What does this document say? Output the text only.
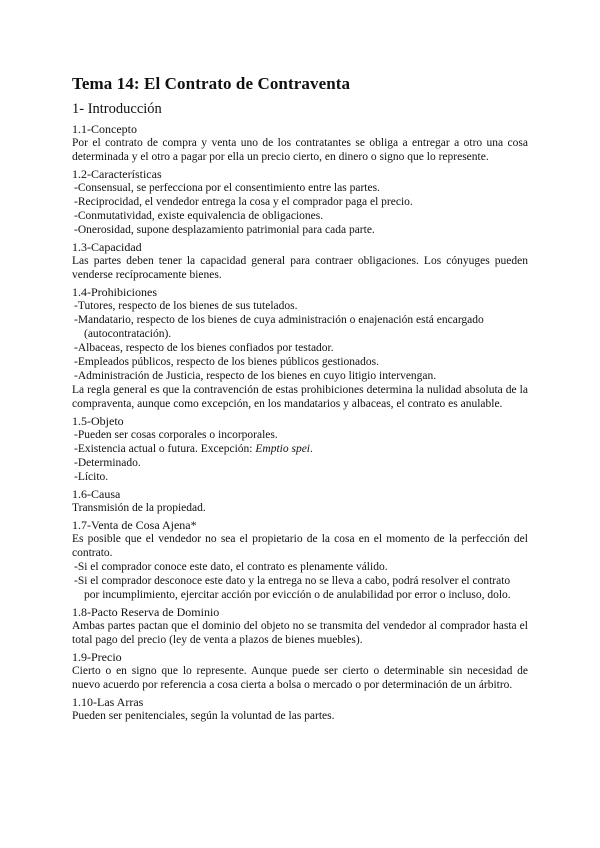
Tema 14: El Contrato de Contraventa
1- Introducción

1.1-Concepto

Por el contrato de compra y venta uno de los contratantes se obliga a entregar a otro una cosa determinada y el otro a pagar por ella un precio cierto, en dinero o signo que lo represente.

1.2-Características

-Consensual, se perfecciona por el consentimiento entre las partes.
-Reciprocidad, el vendedor entrega la cosa y el comprador paga el precio.
-Conmutatividad, existe equivalencia de obligaciones.
-Onerosidad, supone desplazamiento patrimonial para cada parte.

1.3-Capacidad

Las partes deben tener la capacidad general para contraer obligaciones. Los cónyuges pueden venderse recíprocamente bienes.

1.4-Prohibiciones

-Tutores, respecto de los bienes de sus tutelados.
-Mandatario, respecto de los bienes de cuya administración o enajenación está encargado (autocontratación).
-Albaceas, respecto de los bienes confiados por testador.
-Empleados públicos, respecto de los bienes públicos gestionados.
-Administración de Justicia, respecto de los bienes en cuyo litigio intervengan.

La regla general es que la contravención de estas prohibiciones determina la nulidad absoluta de la compraventa, aunque como excepción, en los mandatarios y albaceas, el contrato es anulable.

1.5-Objeto

-Pueden ser cosas corporales o incorporales.
-Existencia actual o futura. Excepción: Emptio spei.
-Determinado.
-Lícito.

1.6-Causa

Transmisión de la propiedad.

1.7-Venta de Cosa Ajena*

Es posible que el vendedor no sea el propietario de la cosa en el momento de la perfección del contrato.

-Si el comprador conoce este dato, el contrato es plenamente válido.
-Si el comprador desconoce este dato y la entrega no se lleva a cabo, podrá resolver el contrato por incumplimiento, ejercitar acción por evicción o de anulabilidad por error o incluso, dolo.

1.8-Pacto Reserva de Dominio

Ambas partes pactan que el dominio del objeto no se transmita del vendedor al comprador hasta el total pago del precio (ley de venta a plazos de bienes muebles).

1.9-Precio

Cierto o en signo que lo represente. Aunque puede ser cierto o determinable sin necesidad de nuevo acuerdo por referencia a cosa cierta a bolsa o mercado o por determinación de un árbitro.

1.10-Las Arras

Pueden ser penitenciales, según la voluntad de las partes.
